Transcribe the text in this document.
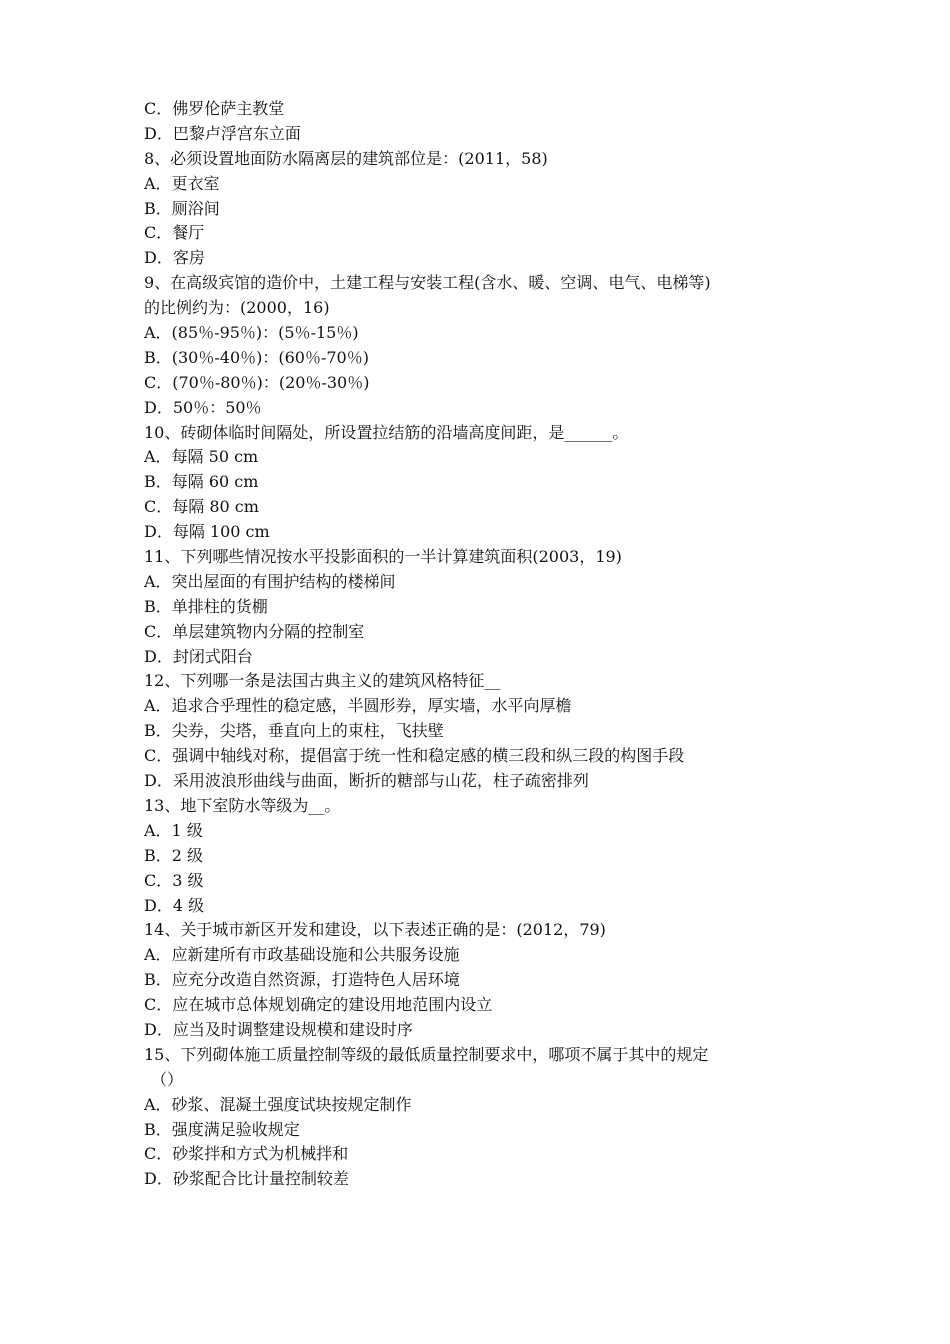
C．佛罗伦萨主教堂
D．巴黎卢浮宫东立面
8、必须设置地面防水隔离层的建筑部位是：(2011，58)
A．更衣室
B．厕浴间
C．餐厅
D．客房
9、在高级宾馆的造价中，土建工程与安装工程(含水、暖、空调、电气、电梯等)
的比例约为：(2000，16)
A．(85％-95％)：(5％-15％)
B．(30％-40％)：(60％-70％)
C．(70％-80％)：(20％-30％)
D．50％：50％
10、砖砌体临时间隔处，所设置拉结筋的沿墙高度间距，是______。
A．每隔 50 cm
B．每隔 60 cm
C．每隔 80 cm
D．每隔 100 cm
11、下列哪些情况按水平投影面积的一半计算建筑面积(2003，19)
A．突出屋面的有围护结构的楼梯间
B．单排柱的货棚
C．单层建筑物内分隔的控制室
D．封闭式阳台
12、下列哪一条是法国古典主义的建筑风格特征__
A．追求合乎理性的稳定感，半圆形券，厚实墙，水平向厚檐
B．尖券，尖塔，垂直向上的束柱，飞扶壁
C．强调中轴线对称，提倡富于统一性和稳定感的横三段和纵三段的构图手段
D．采用波浪形曲线与曲面，断折的糖部与山花，柱子疏密排列
13、地下室防水等级为__。
A．1 级
B．2 级
C．3 级
D．4 级
14、关于城市新区开发和建设，以下表述正确的是：(2012，79)
A．应新建所有市政基础设施和公共服务设施
B．应充分改造自然资源，打造特色人居环境
C．应在城市总体规划确定的建设用地范围内设立
D．应当及时调整建设规模和建设时序
15、下列砌体施工质量控制等级的最低质量控制要求中，哪项不属于其中的规定
（）
A．砂浆、混凝土强度试块按规定制作
B．强度满足验收规定
C．砂浆拌和方式为机械拌和
D．砂浆配合比计量控制较差
